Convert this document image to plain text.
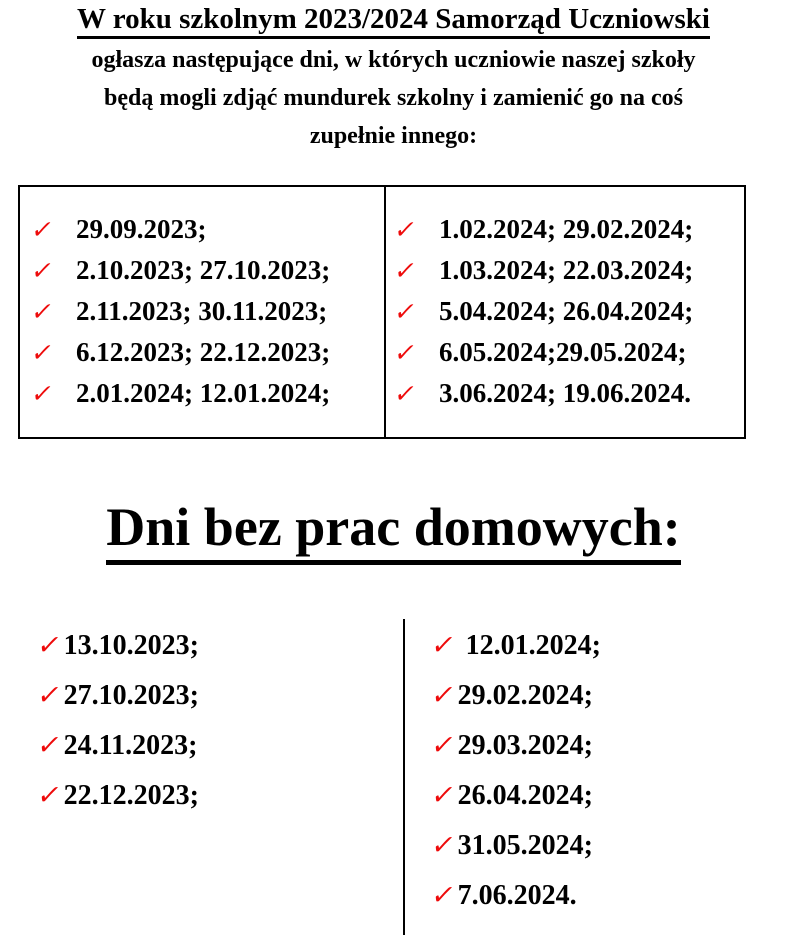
W roku szkolnym 2023/2024 Samorząd Uczniowski
ogłasza następujące dni, w których uczniowie naszej szkoły
będą mogli zdjąć mundurek szkolny i zamienić go na coś
zupełnie innego:
✓ 29.09.2023;
✓ 2.10.2023; 27.10.2023;
✓ 2.11.2023; 30.11.2023;
✓ 6.12.2023; 22.12.2023;
✓ 2.01.2024; 12.01.2024;
✓ 1.02.2024; 29.02.2024;
✓ 1.03.2024; 22.03.2024;
✓ 5.04.2024; 26.04.2024;
✓ 6.05.2024;29.05.2024;
✓ 3.06.2024; 19.06.2024.
Dni bez prac domowych:
✓ 13.10.2023;
✓ 27.10.2023;
✓ 24.11.2023;
✓ 22.12.2023;
✓ 12.01.2024;
✓ 29.02.2024;
✓ 29.03.2024;
✓ 26.04.2024;
✓ 31.05.2024;
✓ 7.06.2024.
